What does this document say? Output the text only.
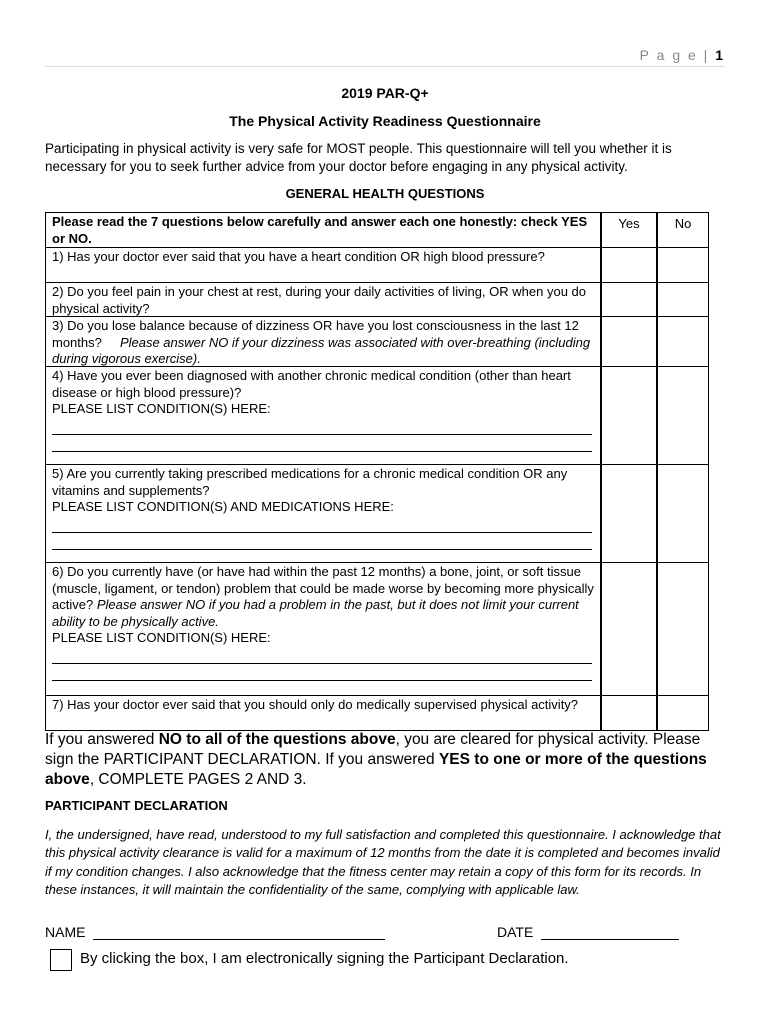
P a g e | 1
2019 PAR-Q+
The Physical Activity Readiness Questionnaire
Participating in physical activity is very safe for MOST people. This questionnaire will tell you whether it is necessary for you to seek further advice from your doctor before engaging in any physical activity.
GENERAL HEALTH QUESTIONS
Please read the 7 questions below carefully and answer each one honestly: check YES or NO.
Yes	No
1) Has your doctor ever said that you have a heart condition OR high blood pressure?
2) Do you feel pain in your chest at rest, during your daily activities of living, OR when you do physical activity?
3) Do you lose balance because of dizziness OR have you lost consciousness in the last 12 months? Please answer NO if your dizziness was associated with over-breathing (including during vigorous exercise).
4) Have you ever been diagnosed with another chronic medical condition (other than heart disease or high blood pressure)?
PLEASE LIST CONDITION(S) HERE:
5) Are you currently taking prescribed medications for a chronic medical condition OR any vitamins and supplements?
PLEASE LIST CONDITION(S) AND MEDICATIONS HERE:
6) Do you currently have (or have had within the past 12 months) a bone, joint, or soft tissue (muscle, ligament, or tendon) problem that could be made worse by becoming more physically active? Please answer NO if you had a problem in the past, but it does not limit your current ability to be physically active.
PLEASE LIST CONDITION(S) HERE:
7) Has your doctor ever said that you should only do medically supervised physical activity?
If you answered NO to all of the questions above, you are cleared for physical activity. Please sign the PARTICIPANT DECLARATION. If you answered YES to one or more of the questions above, COMPLETE PAGES 2 AND 3.
PARTICIPANT DECLARATION
I, the undersigned, have read, understood to my full satisfaction and completed this questionnaire. I acknowledge that this physical activity clearance is valid for a maximum of 12 months from the date it is completed and becomes invalid if my condition changes. I also acknowledge that the fitness center may retain a copy of this form for its records. In these instances, it will maintain the confidentiality of the same, complying with applicable law.
NAME	DATE
By clicking the box, I am electronically signing the Participant Declaration.
